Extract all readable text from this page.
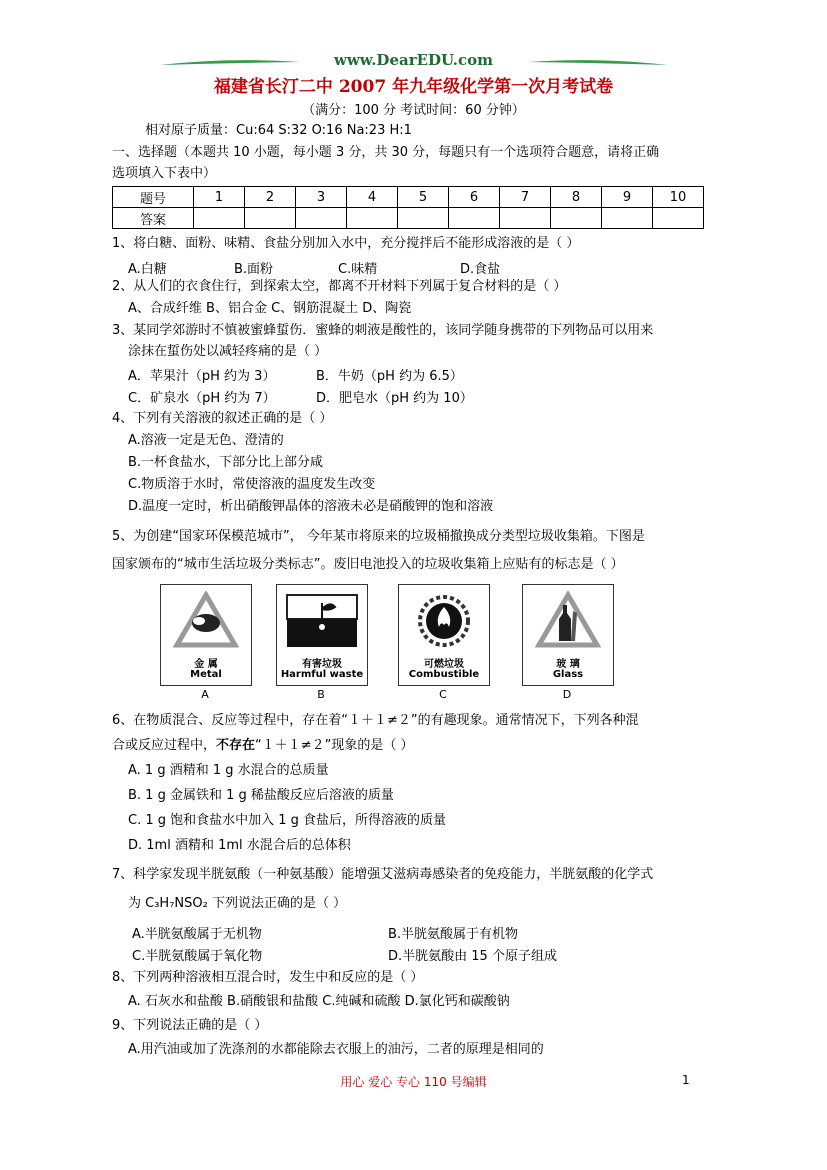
www.DearEDU.com
福建省长汀二中 2007 年九年级化学第一次月考试卷
（满分：100 分 考试时间：60 分钟）
相对原子质量：Cu:64 S:32 O:16 Na:23 H:1
一、选择题（本题共 10 小题，每小题 3 分，共 30 分，每题只有一个选项符合题意，请将正确
选项填入下表中）
题号	1	2	3	4	5	6	7	8	9	10
答案										
1、将白糖、面粉、味精、食盐分别加入水中，充分搅拌后不能形成溶液的是（ ）
A.白糖	B.面粉	C.味精	D.食盐
2、从人们的衣食住行，到探索太空，都离不开材料下列属于复合材料的是（ ）
A、合成纤维 B、铝合金 C、钢筋混凝土 D、陶瓷
3、某同学郊游时不慎被蜜蜂蜇伤．蜜蜂的刺液是酸性的，该同学随身携带的下列物品可以用来
涂抹在蜇伤处以减轻疼痛的是（ ）
A．苹果汁（pH 约为 3）	B．牛奶（pH 约为 6.5）
C．矿泉水（pH 约为 7）	D．肥皂水（pH 约为 10）
4、下列有关溶液的叙述正确的是（ ）
A.溶液一定是无色、澄清的
B.一杯食盐水，下部分比上部分咸
C.物质溶于水时，常使溶液的温度发生改变
D.温度一定时，析出硝酸钾晶体的溶液未必是硝酸钾的饱和溶液
5、为创建“国家环保模范城市”， 今年某市将原来的垃圾桶撤换成分类型垃圾收集箱。下图是
国家颁布的“城市生活垃圾分类标志”。废旧电池投入的垃圾收集箱上应贴有的标志是（ ）
金 属
Metal
A
有害垃圾
Harmful waste
B
可燃垃圾
Combustible
C
玻 璃
Glass
D
6、在物质混合、反应等过程中，存在着“１＋１≠２”的有趣现象。通常情况下，下列各种混
合或反应过程中，不存在“１＋１≠２”现象的是（ ）
A. 1 g 酒精和 1 g 水混合的总质量
B. 1 g 金属铁和 1 g 稀盐酸反应后溶液的质量
C. 1 g 饱和食盐水中加入 1 g 食盐后，所得溶液的质量
D. 1ml 酒精和 1ml 水混合后的总体积
7、科学家发现半胱氨酸（一种氨基酸）能增强艾滋病毒感染者的免疫能力，半胱氨酸的化学式
为 C₃H₇NSO₂ 下列说法正确的是（ ）
A.半胱氨酸属于无机物	B.半胱氨酸属于有机物
C.半胱氨酸属于氧化物	D.半胱氨酸由 15 个原子组成
8、下列两种溶液相互混合时，发生中和反应的是（ ）
A. 石灰水和盐酸 B.硝酸银和盐酸 C.纯碱和硫酸 D.氯化钙和碳酸钠
9、下列说法正确的是（ ）
A.用汽油或加了洗涤剂的水都能除去衣服上的油污，二者的原理是相同的
用心 爱心 专心 110 号编辑	1
